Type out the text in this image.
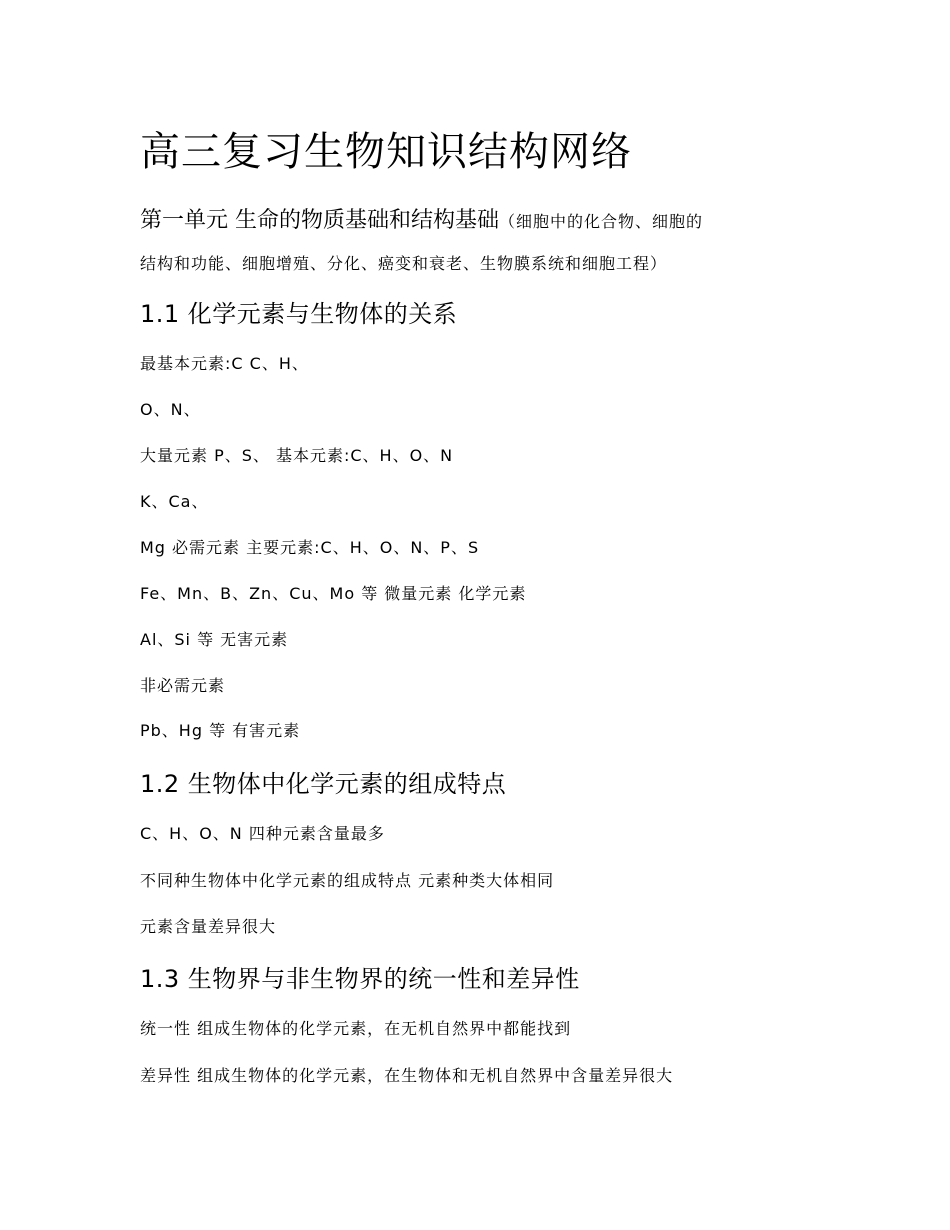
高三复习生物知识结构网络
第一单元 生命的物质基础和结构基础（细胞中的化合物、细胞的
结构和功能、细胞增殖、分化、癌变和衰老、生物膜系统和细胞工程）
1.1 化学元素与生物体的关系
最基本元素:C C、H、
O、N、
大量元素 P、S、 基本元素:C、H、O、N
K、Ca、
Mg 必需元素 主要元素:C、H、O、N、P、S
Fe、Mn、B、Zn、Cu、Mo 等 微量元素 化学元素
Al、Si 等 无害元素
非必需元素
Pb、Hg 等 有害元素
1.2 生物体中化学元素的组成特点
C、H、O、N 四种元素含量最多
不同种生物体中化学元素的组成特点 元素种类大体相同
元素含量差异很大
1.3 生物界与非生物界的统一性和差异性
统一性 组成生物体的化学元素，在无机自然界中都能找到
差异性 组成生物体的化学元素，在生物体和无机自然界中含量差异很大
